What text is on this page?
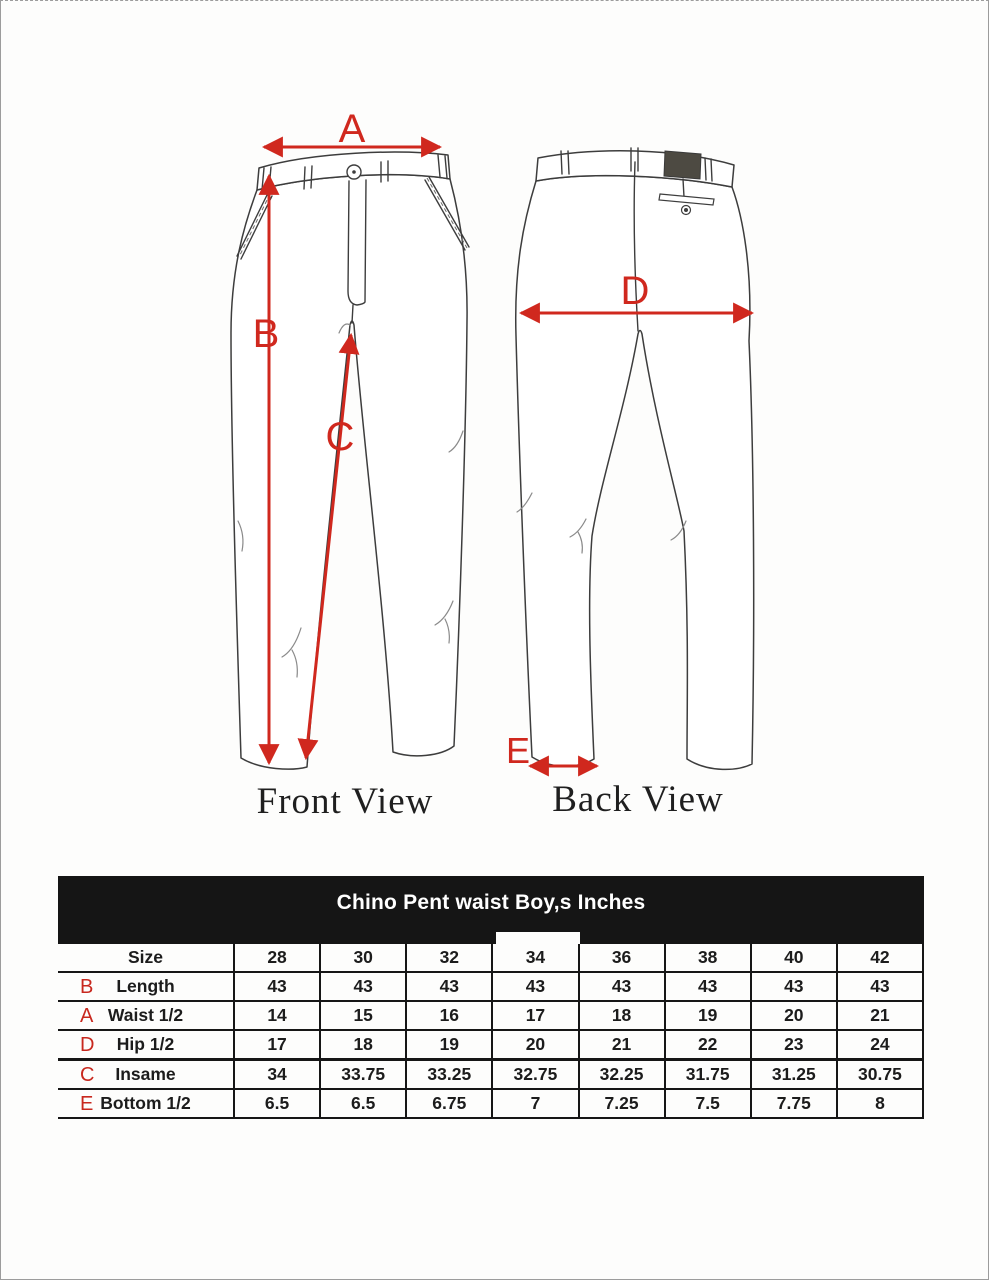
A
B
C
D
E
Front View	Back View
Chino Pent waist Boy,s Inches
Size	28	30	32	34	36	38	40	42

B Length	43	43	43	43	43	43	43	43

A Waist 1/2	14	15	16	17	18	19	20	21

D Hip 1/2	17	18	19	20	21	22	23	24

C Insame	34	33.75	33.25	32.75	32.25	31.75	31.25	30.75

E Bottom 1/2	6.5	6.5	6.75	7	7.25	7.5	7.75	8
